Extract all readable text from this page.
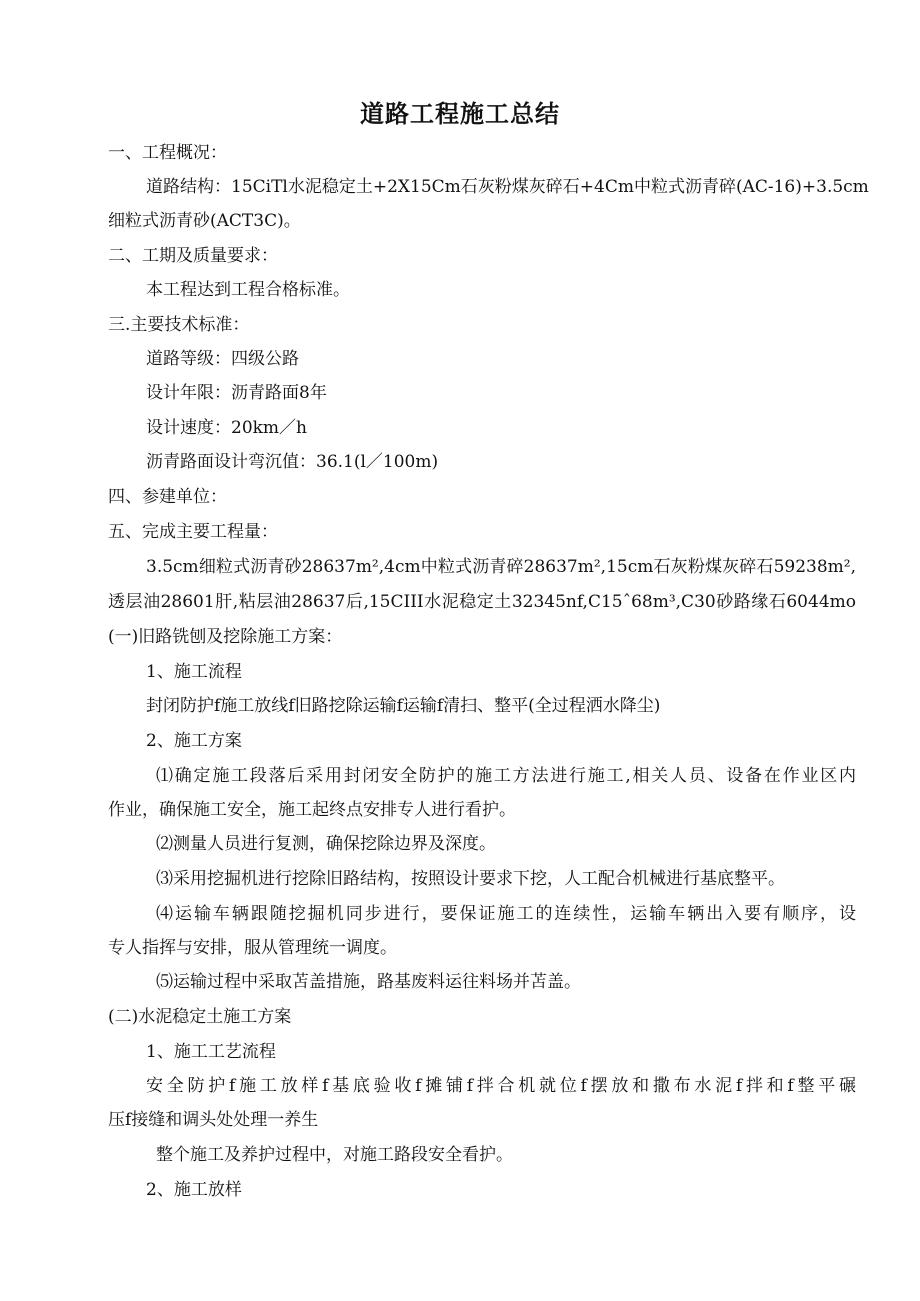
道路工程施工总结
一、工程概况：
道路结构：15CiTl水泥稳定土+2X15Cm石灰粉煤灰碎石+4Cm中粒式沥青碎(AC-16)+3.5cm
细粒式沥青砂(ACT3C)。
二、工期及质量要求：
本工程达到工程合格标准。
三.主要技术标准：
道路等级：四级公路
设计年限：沥青路面8年
设计速度：20km／h
沥青路面设计弯沉值：36.1(l／100m)
四、参建单位：
五、完成主要工程量：
3.5cm细粒式沥青砂28637m²,4cm中粒式沥青碎28637m²,15cm石灰粉煤灰碎石59238m²,
透层油28601肝,粘层油28637后,15CIII水泥稳定土32345nf,C15ˆ68m³,C30砂路缘石6044mo
(一)旧路铣刨及挖除施工方案：
1、施工流程
封闭防护f施工放线f旧路挖除运输f运输f清扫、整平(全过程洒水降尘)
2、施工方案
⑴确定施工段落后采用封闭安全防护的施工方法进行施工,相关人员、设备在作业区内
作业，确保施工安全，施工起终点安排专人进行看护。
⑵测量人员进行复测，确保挖除边界及深度。
⑶采用挖掘机进行挖除旧路结构，按照设计要求下挖，人工配合机械进行基底整平。
⑷运输车辆跟随挖掘机同步进行，要保证施工的连续性，运输车辆出入要有顺序，设
专人指挥与安排，服从管理统一调度。
⑸运输过程中采取苫盖措施，路基废料运往料场并苫盖。
(二)水泥稳定土施工方案
1、施工工艺流程
安全防护f施工放样f基底验收f摊铺f拌合机就位f摆放和撒布水泥f拌和f整平碾
压f接缝和调头处处理一养生
整个施工及养护过程中，对施工路段安全看护。
2、施工放样
